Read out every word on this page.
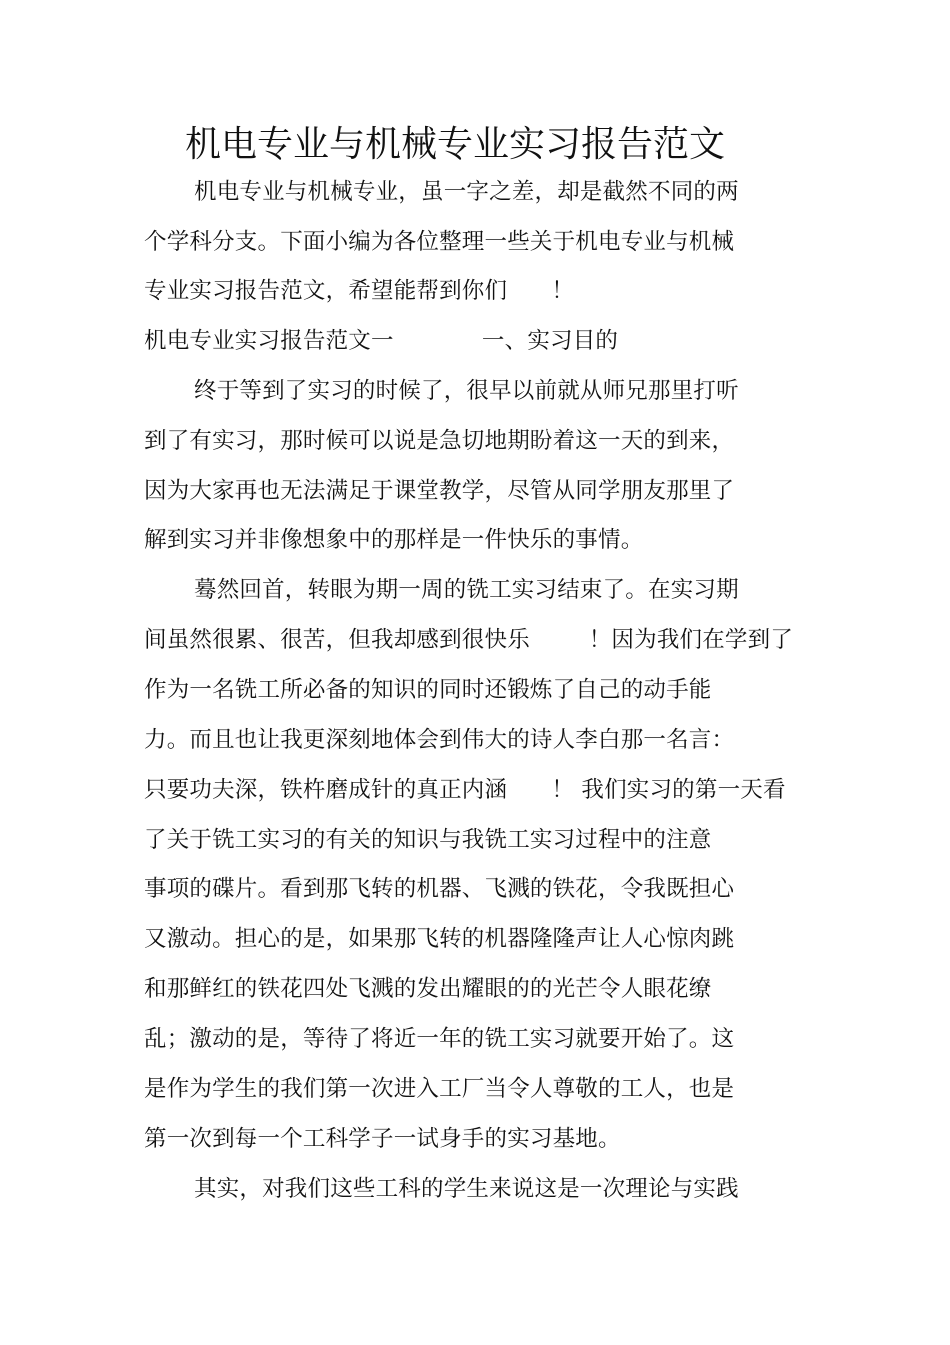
机电专业与机械专业实习报告范文
机电专业与机械专业，虽一字之差，却是截然不同的两
个学科分支。下面小编为各位整理一些关于机电专业与机械
专业实习报告范文，希望能帮到你们      ！
机电专业实习报告范文一            一、实习目的
终于等到了实习的时候了，很早以前就从师兄那里打听
到了有实习，那时候可以说是急切地期盼着这一天的到来，
因为大家再也无法满足于课堂教学，尽管从同学朋友那里了
解到实习并非像想象中的那样是一件快乐的事情。
蓦然回首，转眼为期一周的铣工实习结束了。在实习期
间虽然很累、很苦，但我却感到很快乐        ！因为我们在学到了
作为一名铣工所必备的知识的同时还锻炼了自己的动手能
力。而且也让我更深刻地体会到伟大的诗人李白那一名言：
只要功夫深，铁杵磨成针的真正内涵      ！ 我们实习的第一天看
了关于铣工实习的有关的知识与我铣工实习过程中的注意
事项的碟片。看到那飞转的机器、飞溅的铁花，令我既担心
又激动。担心的是，如果那飞转的机器隆隆声让人心惊肉跳
和那鲜红的铁花四处飞溅的发出耀眼的的光芒令人眼花缭
乱；激动的是，等待了将近一年的铣工实习就要开始了。这
是作为学生的我们第一次进入工厂当令人尊敬的工人，也是
第一次到每一个工科学子一试身手的实习基地。
其实，对我们这些工科的学生来说这是一次理论与实践
